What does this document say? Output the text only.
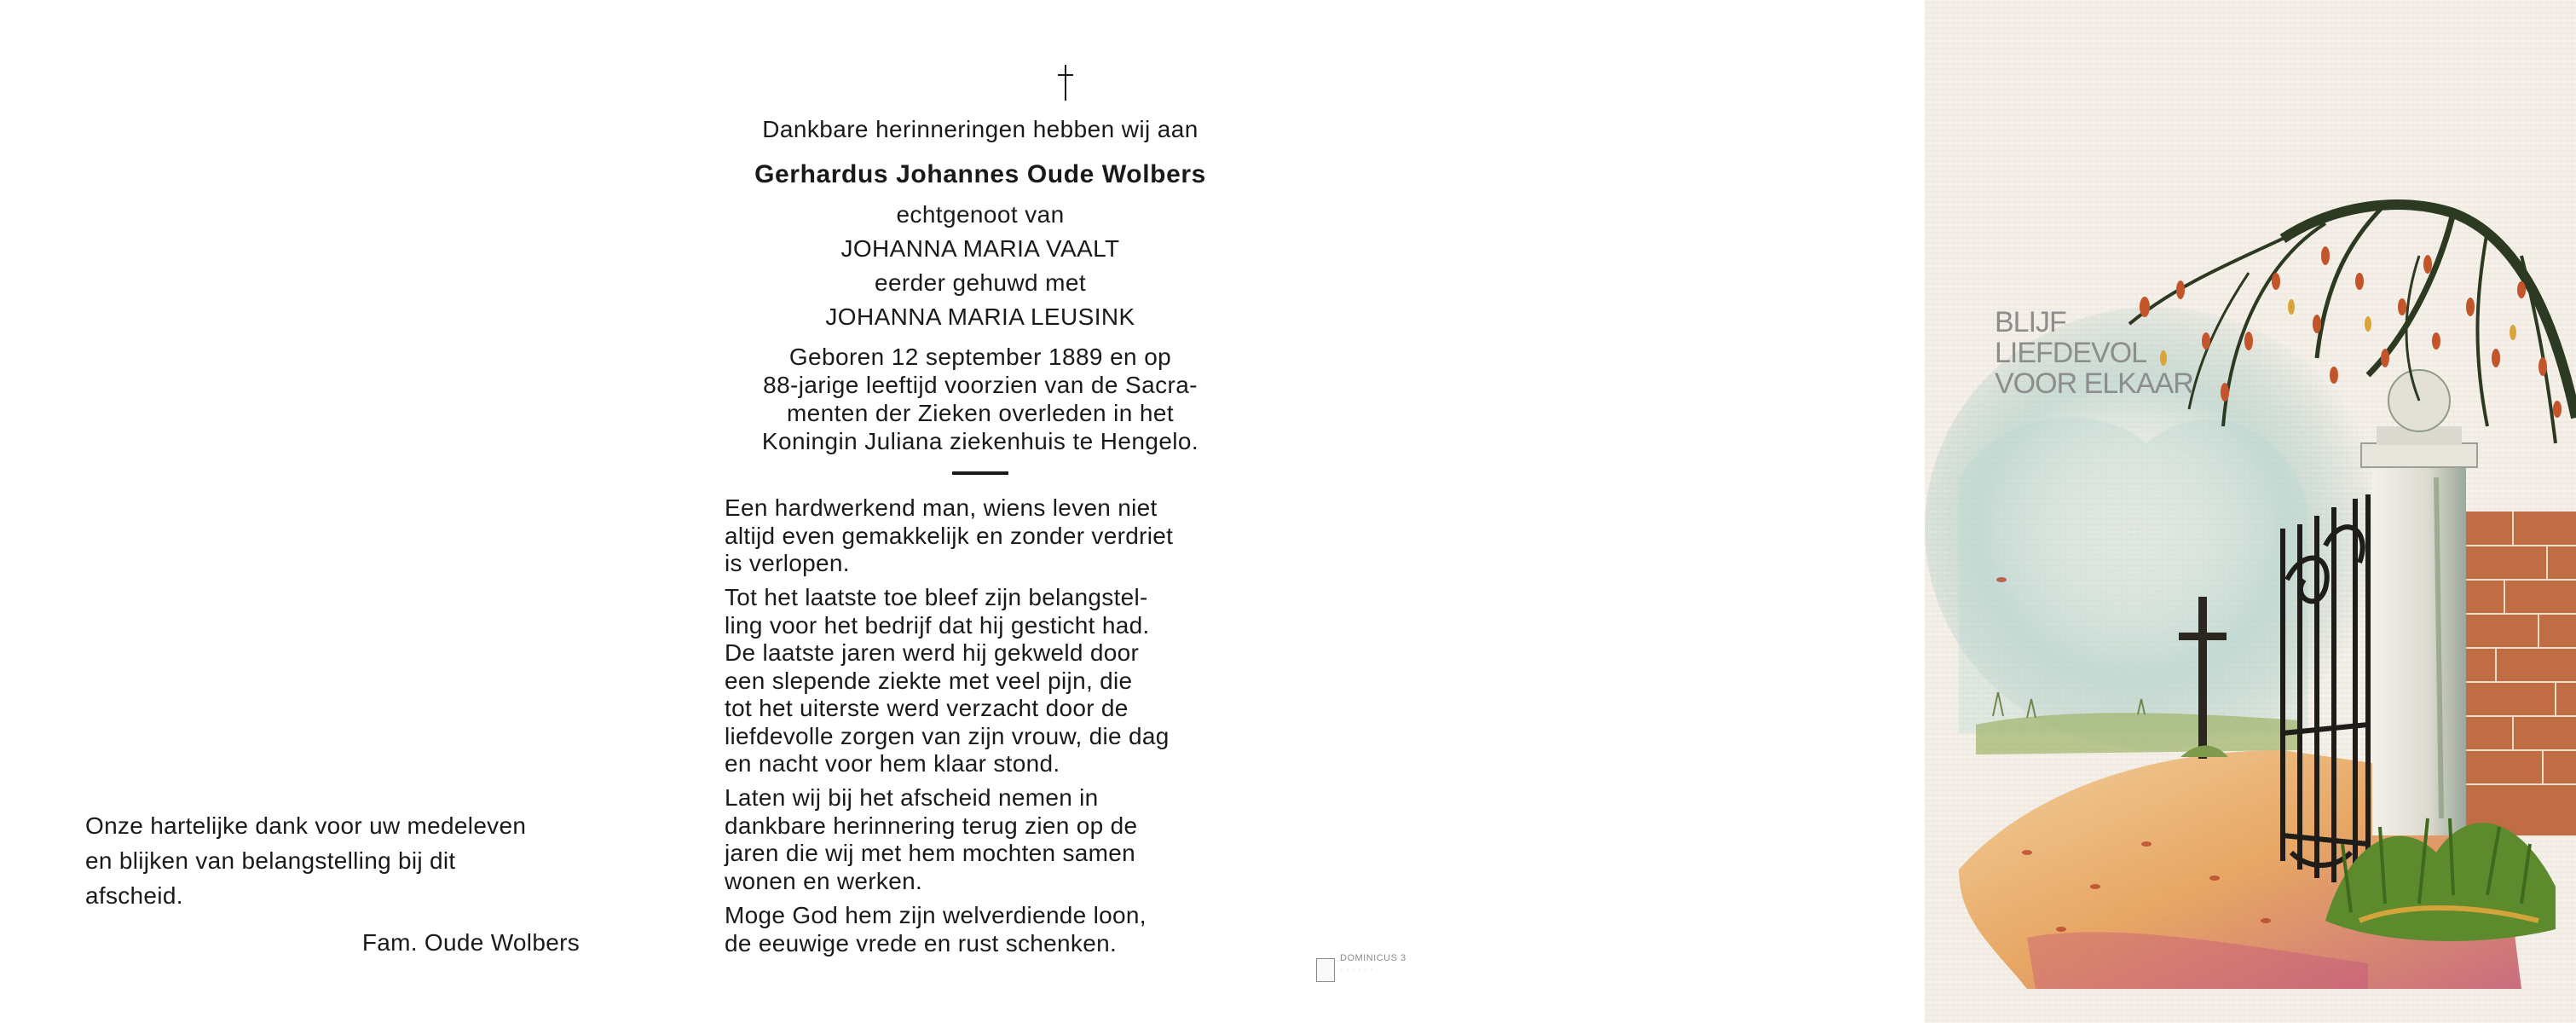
Onze hartelijke dank voor uw medeleven

en blijken van belangstelling bij dit

afscheid.

Fam. Oude Wolbers
Dankbare herinneringen hebben wij aan
Gerhardus Johannes Oude Wolbers
echtgenoot van
JOHANNA MARIA VAALT
eerder gehuwd met
JOHANNA MARIA LEUSINK
Geboren 12 september 1889 en op
88-jarige leeftijd voorzien van de Sacra-
menten der Zieken overleden in het
Koningin Juliana ziekenhuis te Hengelo.
Een hardwerkend man, wiens leven niet
altijd even gemakkelijk en zonder verdriet
is verlopen.
Tot het laatste toe bleef zijn belangstel-
ling voor het bedrijf dat hij gesticht had.
De laatste jaren werd hij gekweld door
een slepende ziekte met veel pijn, die
tot het uiterste werd verzacht door de
liefdevolle zorgen van zijn vrouw, die dag
en nacht voor hem klaar stond.
Laten wij bij het afscheid nemen in
dankbare herinnering terug zien op de
jaren die wij met hem mochten samen
wonen en werken.
Moge God hem zijn welverdiende loon,
de eeuwige vrede en rust schenken.
DOMINICUS 3
· · · · · ·
BLIJF
LIEFDEVOL
VOOR ELKAAR
